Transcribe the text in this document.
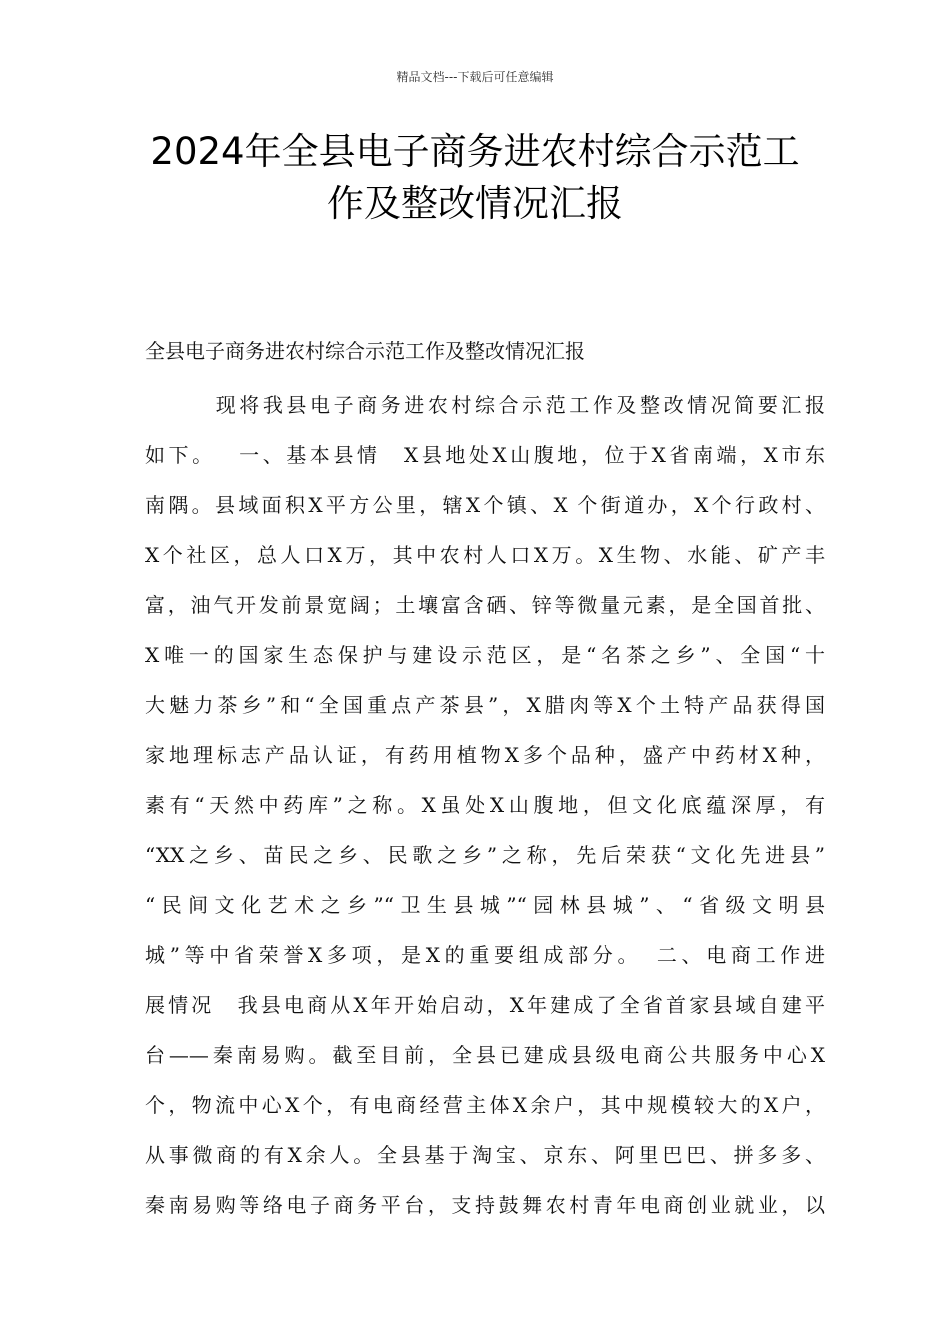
精品文档---下载后可任意编辑
2024年全县电子商务进农村综合示范工
作及整改情况汇报
全县电子商务进农村综合示范工作及整改情况汇报
　　　现将我县电子商务进农村综合示范工作及整改情况简要汇报
如下。　 一、基本县情　X县地处X山腹地，位于X省南端，X市东
南隅。县域面积X平方公里，辖X个镇、X 个街道办，X个行政村、
X个社区，总人口X万，其中农村人口X万。X生物、水能、矿产丰
富，油气开发前景宽阔；土壤富含硒、锌等微量元素，是全国首批、
X唯一的国家生态保护与建设示范区，是“名茶之乡”、全国“十
大魅力茶乡”和“全国重点产茶县”，X腊肉等X个土特产品获得国
家地理标志产品认证，有药用植物X多个品种，盛产中药材X种，
素有“天然中药库”之称。X虽处X山腹地，但文化底蕴深厚，有
“XX之乡、苗民之乡、民歌之乡”之称，先后荣获“文化先进县”
“民间文化艺术之乡”“卫生县城”“园林县城”、“省级文明县
城”等中省荣誉X多项，是X的重要组成部分。　二、电商工作进
展情况　我县电商从X年开始启动，X年建成了全省首家县域自建平
台——秦南易购。截至目前，全县已建成县级电商公共服务中心X
个，物流中心X个，有电商经营主体X余户，其中规模较大的X户，
从事微商的有X余人。全县基于淘宝、京东、阿里巴巴、拼多多、
秦南易购等络电子商务平台，支持鼓舞农村青年电商创业就业，以
